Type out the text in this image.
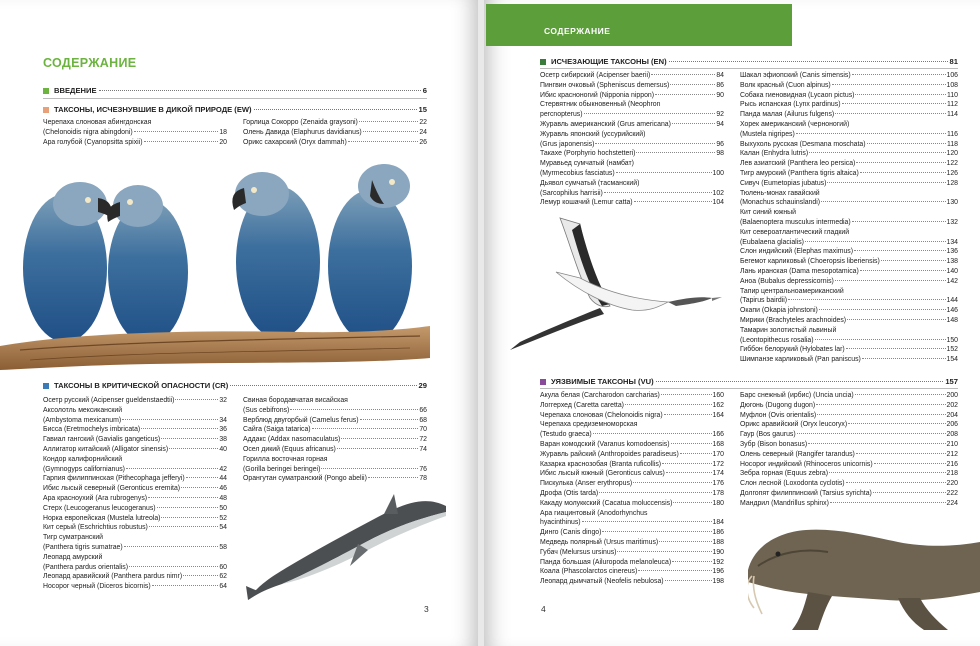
СОДЕРЖАНИЕ
ВВЕДЕНИЕ	6
ТАКСОНЫ, ИСЧЕЗНУВШИЕ В ДИКОЙ ПРИРОДЕ (EW)	15
Черепаха слоновая абингдонская
(Chelonoidis nigra abingdoni)	18
Ара голубой (Cyanopsitta spixii)	20
Горлица Сокорро (Zenaida graysoni)	22
Олень Давида (Elaphurus davidianus)	24
Орикс сахарский (Oryx dammah)	26
ТАКСОНЫ В КРИТИЧЕСКОЙ ОПАСНОСТИ (CR)	29
Осетр русский (Acipenser gueldenstaedtii)	32
Аксолотль мексиканский
(Ambystoma mexicanum)	34
Бисса (Eretmochelys imbricata)	36
Гавиал гангский (Gavialis gangeticus)	38
Аллигатор китайский (Alligator sinensis)	40
Кондор калифорнийский
(Gymnogyps californianus)	42
Гарпия филиппинская (Pithecophaga jefferyi)	44
Ибис лысый северный (Geronticus eremita)	46
Ара красноухий (Ara rubrogenys)	48
Стерх (Leucogeranus leucogeranus)	50
Норка европейская (Mustela lutreola)	52
Кит серый (Eschrichtius robustus)	54
Тигр суматранский
(Panthera tigris sumatrae)	58
Леопард амурский
(Panthera pardus orientalis)	60
Леопард аравийский (Panthera pardus nimr)	62
Носорог черный (Diceros bicornis)	64
Свиная бородавчатая висайская
(Sus cebifrons)	66
Верблюд двугорбый (Camelus ferus)	68
Сайга (Saiga tatarica)	70
Аддакс (Addax nasomaculatus)	72
Осел дикий (Equus africanus)	74
Горилла восточная горная
(Gorilla beringei beringei)	76
Орангутан суматранский (Pongo abelii)	78
3
СОДЕРЖАНИЕ
ИСЧЕЗАЮЩИЕ ТАКСОНЫ (EN)	81
Осетр сибирский (Acipenser baerii)	84
Пингвин очковый (Spheniscus demersus)	86
Ибис красноногий (Nipponia nippon)	90
Стервятник обыкновенный (Neophron
percnopterus)	92
Журавль американский (Grus americana)	94
Журавль японский (уссурийский)
(Grus japonensis)	96
Такахе (Porphyrio hochstetteri)	98
Муравьед сумчатый (намбат)
(Myrmecobius fasciatus)	100
Дьявол сумчатый (тасманский)
(Sarcophilus harrisii)	102
Лемур кошачий (Lemur catta)	104
Шакал эфиопский (Canis simensis)	106
Волк красный (Cuon alpinus)	108
Собака гиеновидная (Lycaon pictus)	110
Рысь испанская (Lynx pardinus)	112
Панда малая (Ailurus fulgens)	114
Хорек американский (черноногий)
(Mustela nigripes)	116
Выхухоль русская (Desmana moschata)	118
Калан (Enhydra lutris)	120
Лев азиатский (Panthera leo persica)	122
Тигр амурский (Panthera tigris altaica)	126
Сивуч (Eumetopias jubatus)	128
Тюлень-монах гавайский
(Monachus schauinslandi)	130
Кит синий южный
(Balaenoptera musculus intermedia)	132
Кит североатлантический гладкий
(Eubalaena glacialis)	134
Слон индийский (Elephas maximus)	136
Бегемот карликовый (Choeropsis liberiensis)	138
Лань иранская (Dama mesopotamica)	140
Аноа (Bubalus depressicornis)	142
Тапир центральноамериканский
(Tapirus bairdii)	144
Окапи (Okapia johnstoni)	146
Мирики (Brachyteles arachnoides)	148
Тамарин золотистый львиный
(Leontopithecus rosalia)	150
Гиббон белорукий (Hylobates lar)	152
Шимпанзе карликовый (Pan paniscus)	154
УЯЗВИМЫЕ ТАКСОНЫ (VU)	157
Акула белая (Carcharodon carcharias)	160
Логгерхед (Caretta caretta)	162
Черепаха слоновая (Chelonoidis nigra)	164
Черепаха средиземноморская
(Testudo graeca)	166
Варан комодский (Varanus komodoensis)	168
Журавль райский (Anthropoides paradiseus)	170
Казарка краснозобая (Branta ruficollis)	172
Ибис лысый южный (Geronticus calvus)	174
Пискулька (Anser erythropus)	176
Дрофа (Otis tarda)	178
Какаду молуккский (Cacatua moluccensis)	180
Ара гиацинтовый (Anodorhynchus
hyacinthinus)	184
Динго (Canis dingo)	186
Медведь полярный (Ursus maritimus)	188
Губач (Melursus ursinus)	190
Панда большая (Ailuropoda melanoleuca)	192
Коала (Phascolarctos cinereus)	196
Леопард дымчатый (Neofelis nebulosa)	198
Барс снежный (ирбис) (Uncia uncia)	200
Дюгонь (Dugong dugon)	202
Муфлон (Ovis orientalis)	204
Орикс аравийский (Oryx leucoryx)	206
Гаур (Bos gaurus)	208
Зубр (Bison bonasus)	210
Олень северный (Rangifer tarandus)	212
Носорог индийский (Rhinoceros unicornis)	216
Зебра горная (Equus zebra)	218
Слон лесной (Loxodonta cyclotis)	220
Долгопят филиппинский (Tarsius syrichta)	222
Мандрил (Mandrillus sphinx)	224
4
